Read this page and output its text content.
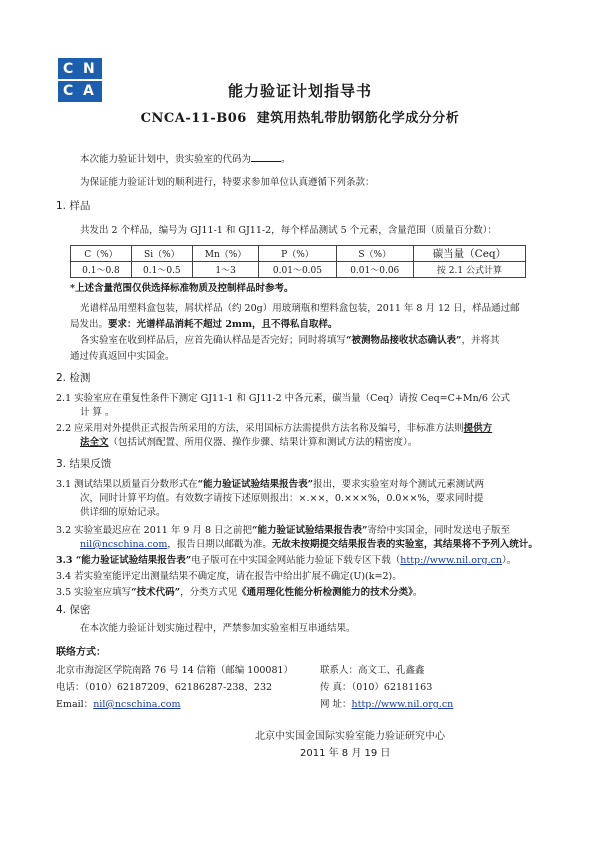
C N
C A	能力验证计划指导书
CNCA-11-B06 建筑用热轧带肋钢筋化学成分分析
本次能力验证计划中，贵实验室的代码为	。
为保证能力验证计划的顺利进行，特要求参加单位认真遵循下列条款：
1. 样品
共发出 2 个样品，编号为 GJ11-1 和 GJ11-2，每个样品测试 5 个元素，含量范围（质量百分数）：
C（%）	Si（%）	Mn（%）	P（%）	S（%）	碳当量（Ceq）
0.1～0.8	0.1～0.5	1～3	0.01～0.05	0.01～0.06	按 2.1 公式计算
*上述含量范围仅供选择标准物质及控制样品时参考。
光谱样品用塑料盒包装，屑状样品（约 20g）用玻璃瓶和塑料盒包装，2011 年 8 月 12 日，样品通过邮
局发出。要求：光谱样品消耗不超过 2mm，且不得私自取样。
各实验室在收到样品后，应首先确认样品是否完好；同时将填写“被测物品接收状态确认表”，并将其
通过传真返回中实国金。
2. 检测
2.1 实验室应在重复性条件下测定 GJ11-1 和 GJ11-2 中各元素，碳当量（Ceq）请按 Ceq=C+Mn/6 公式
计 算 。
2.2 应采用对外提供正式报告所采用的方法，采用国标方法需提供方法名称及编号，非标准方法则提供方
法全文（包括试剂配置、所用仪器、操作步骤、结果计算和测试方法的精密度）。
3. 结果反馈
3.1 测试结果以质量百分数形式在“能力验证试验结果报告表”报出，要求实验室对每个测试元素测试两
次，同时计算平均值。有效数字请按下述原则报出：×.××，0.×××%，0.0××%，要求同时提
供详细的原始记录。
3.2 实验室最迟应在 2011 年 9 月 8 日之前把“能力验证试验结果报告表”寄给中实国金，同时发送电子版至
nil@ncschina.com，报告日期以邮戳为准。无故未按期提交结果报告表的实验室，其结果将不予列入统计。
3.3 “能力验证试验结果报告表”电子版可在中实国金网站能力验证下载专区下载（http://www.nil.org.cn）。
3.4 若实验室能评定出测量结果不确定度，请在报告中给出扩展不确定(U)(k=2)。
3.5 实验室应填写“技术代码”，分类方式见《通用理化性能分析检测能力的技术分类》。
4. 保密
在本次能力验证计划实施过程中，严禁参加实验室相互串通结果。
联络方式：
北京市海淀区学院南路 76 号 14 信箱（邮编 100081）	联系人：高文工、孔鑫鑫
电话：（010）62187209、62186287-238、232	传 真：（010）62181163
Email：nil@ncschina.com	网 址：http://www.nil.org.cn
北京中实国金国际实验室能力验证研究中心
2011 年 8 月 19 日
